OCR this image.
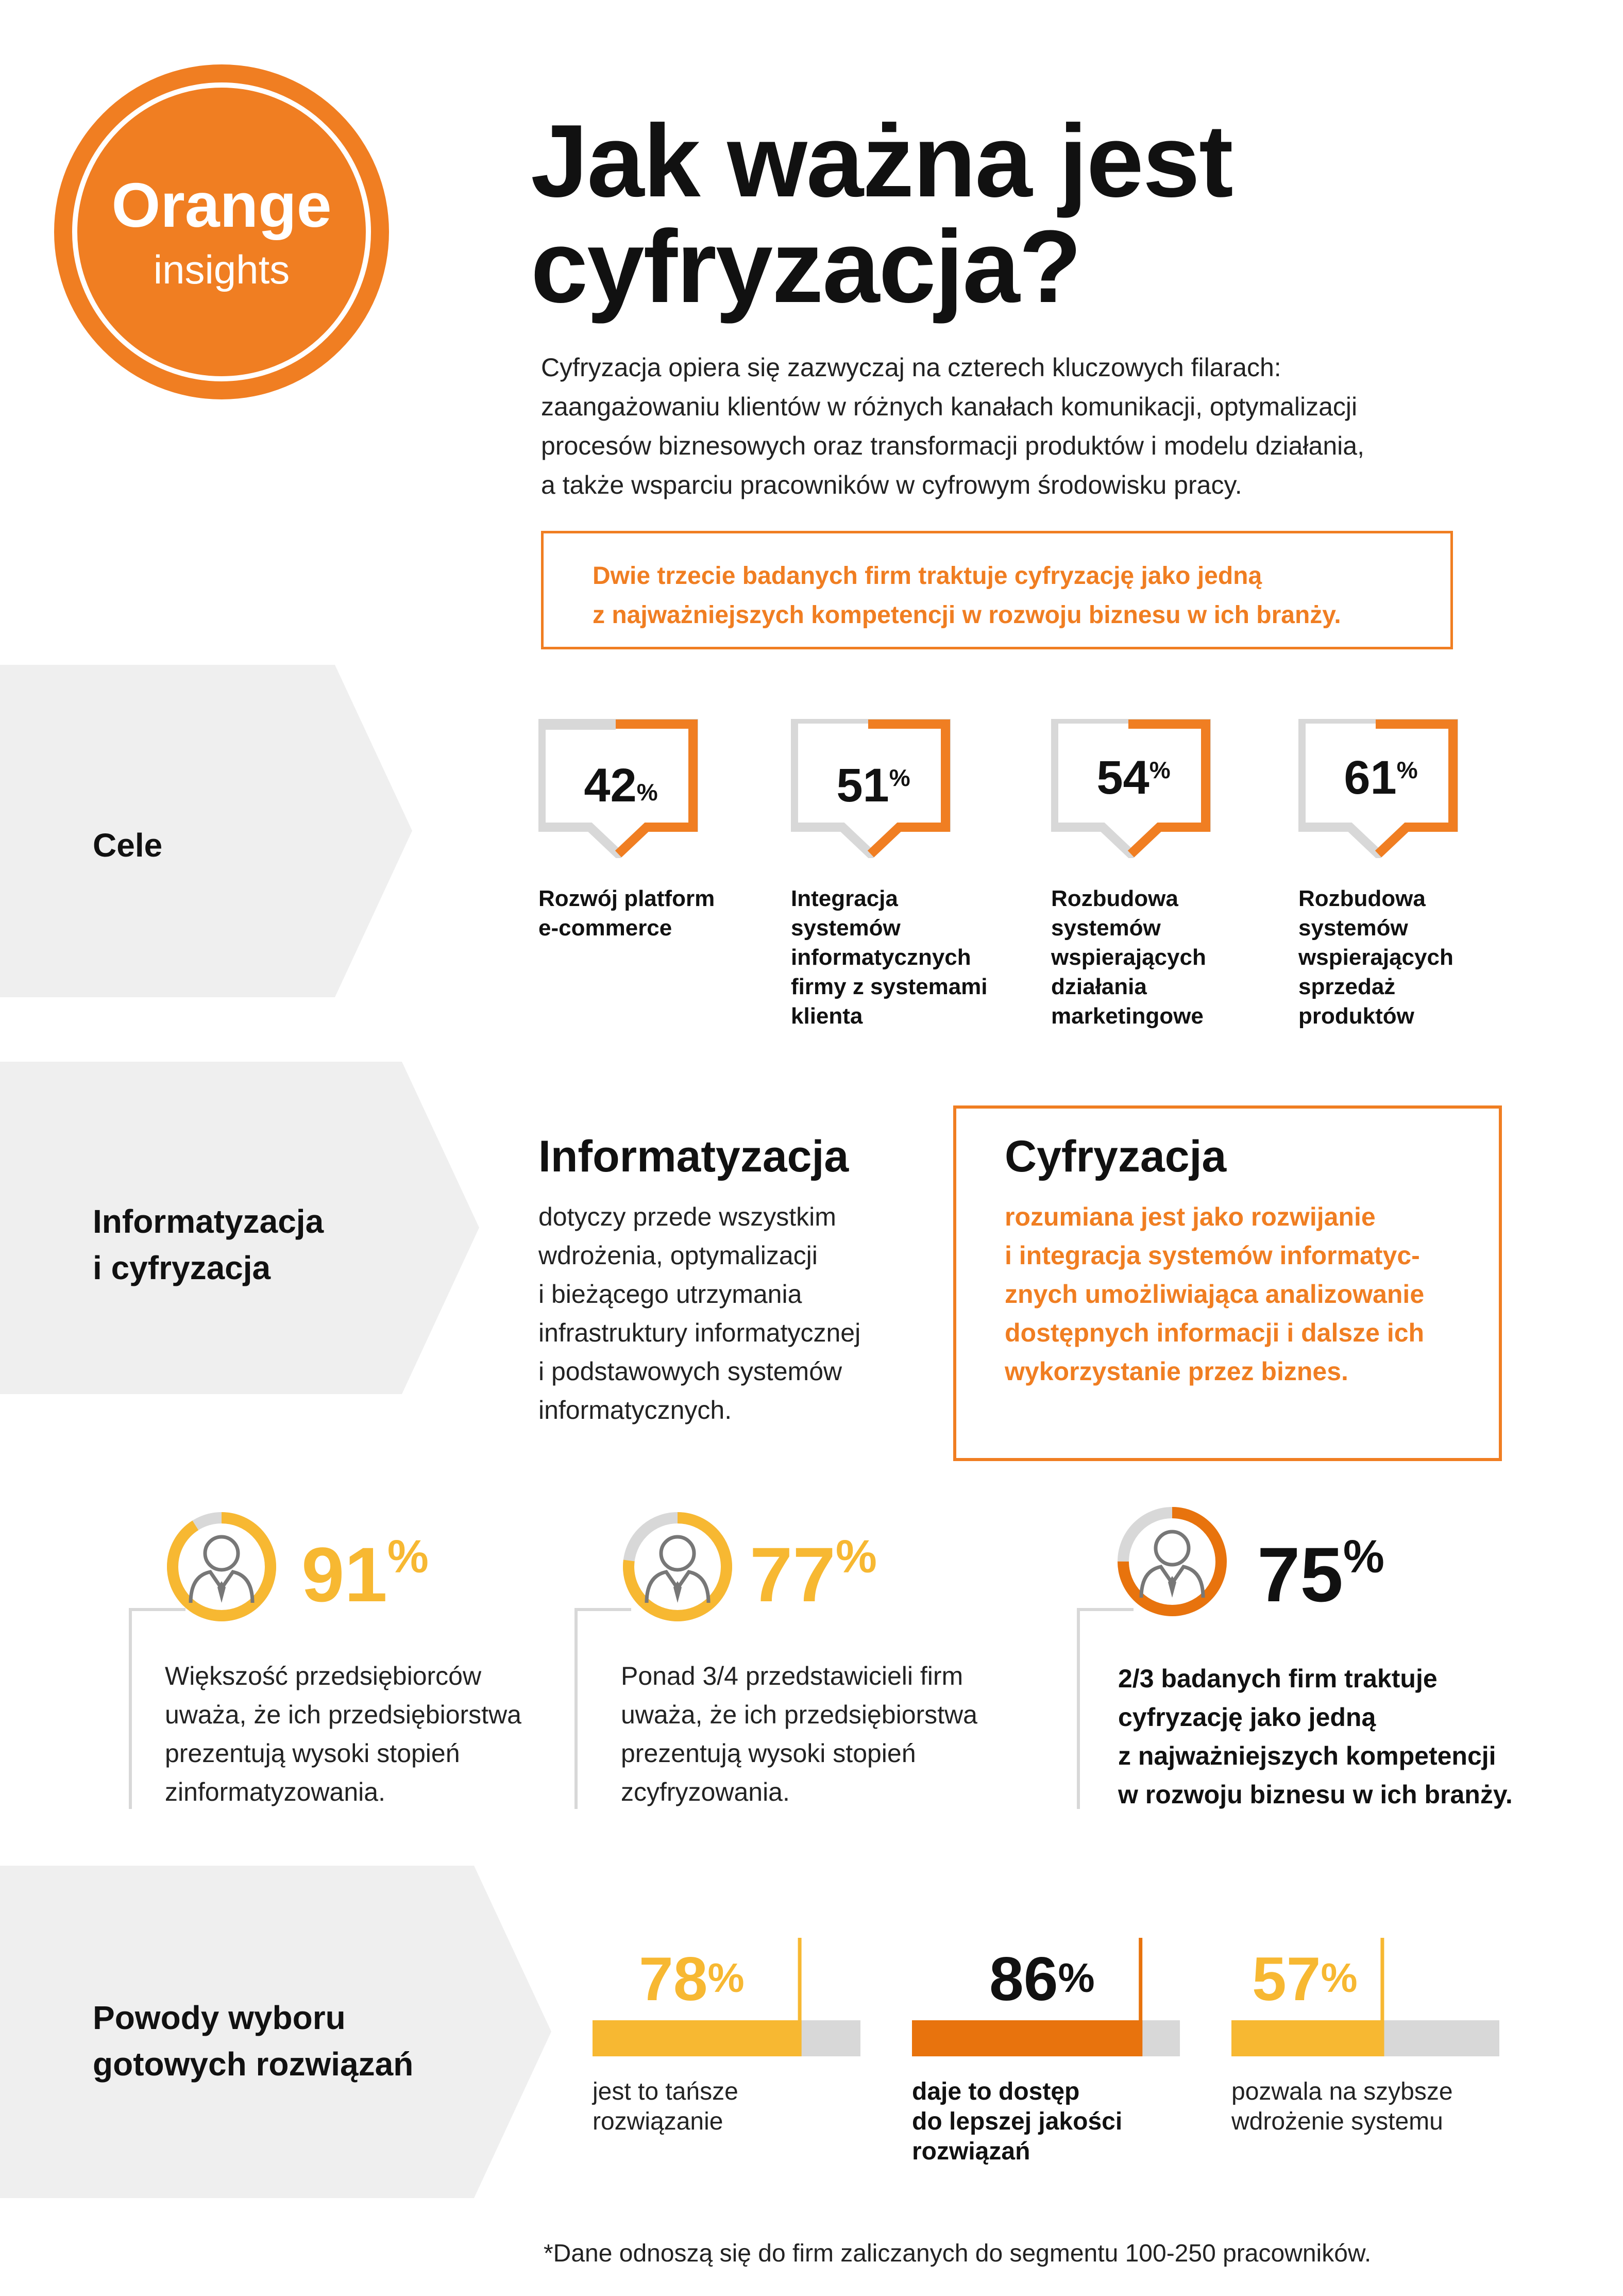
Orange
insights
Jak ważna jest
cyfryzacja?
Cyfryzacja opiera się zazwyczaj na czterech kluczowych filarach:
zaangażowaniu klientów w różnych kanałach komunikacji, optymalizacji
procesów biznesowych oraz transformacji produktów i modelu działania,
a także wsparciu pracowników w cyfrowym środowisku pracy.
Dwie trzecie badanych firm traktuje cyfryzację jako jedną
z najważniejszych kompetencji w rozwoju biznesu w ich branży.
Cele
42%
Rozwój platform
e-commerce
51%
Integracja
systemów
informatycznych
firmy z systemami
klienta
54%
Rozbudowa
systemów
wspierających
działania
marketingowe
61%
Rozbudowa
systemów
wspierających
sprzedaż
produktów
Informatyzacja
i cyfryzacja
Informatyzacja
dotyczy przede wszystkim
wdrożenia, optymalizacji
i bieżącego utrzymania
infrastruktury informatycznej
i podstawowych systemów
informatycznych.
Cyfryzacja
rozumiana jest jako rozwijanie
i integracja systemów informatyc-
znych umożliwiająca analizowanie
dostępnych informacji i dalsze ich
wykorzystanie przez biznes.
91%
Większość przedsiębiorców
uważa, że ich przedsiębiorstwa
prezentują wysoki stopień
zinformatyzowania.
77%
Ponad 3/4 przedstawicieli firm
uważa, że ich przedsiębiorstwa
prezentują wysoki stopień
zcyfryzowania.
75%
2/3 badanych firm traktuje
cyfryzację jako jedną
z najważniejszych kompetencji
w rozwoju biznesu w ich branży.
Powody wyboru
gotowych rozwiązań
78%
jest to tańsze
rozwiązanie
86%
daje to dostęp
do lepszej jakości
rozwiązań
57%
pozwala na szybsze
wdrożenie systemu
*Dane odnoszą się do firm zaliczanych do segmentu 100-250 pracowników.
